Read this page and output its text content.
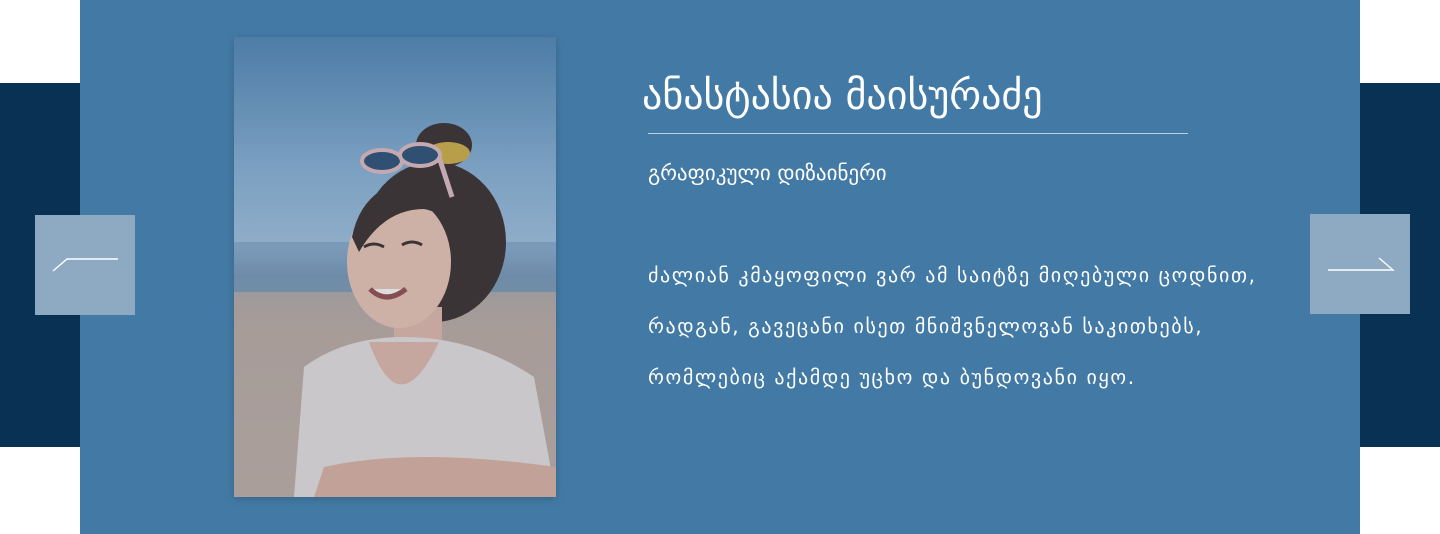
ანასტასია მაისურაძე

გრაფიკული დიზაინერი

ძალიან კმაყოფილი ვარ ამ საიტზე მიღებული ცოდნით, რადგან, გავეცანი ისეთ მნიშვნელოვან საკითხებს, რომლებიც აქამდე უცხო და ბუნდოვანი იყო.
